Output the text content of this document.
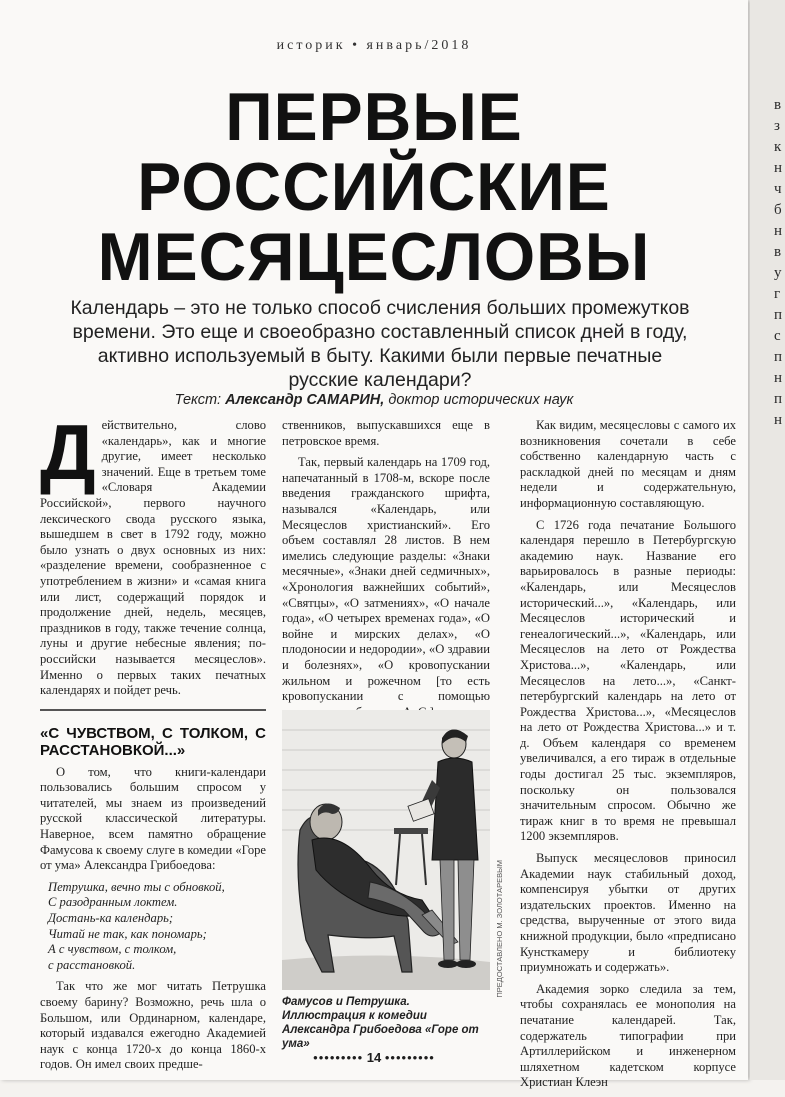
историк • январь/2018
ПЕРВЫЕ
РОССИЙСКИЕ
МЕСЯЦЕСЛОВЫ
Календарь – это не только способ счисления больших промежутков времени. Это еще и своеобразно составленный список дней в году, активно используемый в быту. Какими были первые печатные русские календари?
Текст: Александр САМАРИН, доктор исторических наук

Действительно, слово «календарь», как и многие другие, имеет несколько значений. Еще в третьем томе «Словаря Академии Российской», первого научного лексического свода русского языка, вышедшем в свет в 1792 году, можно было узнать о двух основных из них: «разделение времени, сообразненное с употреблением в жизни» и «самая книга или лист, содержащий порядок и продолжение дней, недель, месяцев, праздников в году, также течение солнца, луны и другие небесные явления; по-российски называется месяцеслов». Именно о первых таких печатных календарях и пойдет речь.

«С ЧУВСТВОМ, С ТОЛКОМ, С РАССТАНОВКОЙ...»

О том, что книги-календари пользовались большим спросом у читателей, мы знаем из произведений русской классической литературы. Наверное, всем памятно обращение Фамусова к своему слуге в комедии «Горе от ума» Александра Грибоедова:

Петрушка, вечно ты с обновкой,

С разодранным локтем.

Достань-ка календарь;

Читай не так, как пономарь;

А с чувством, с толком,

с расстановкой.

Так что же мог читать Петрушка своему барину? Возможно, речь шла о Большом, или Ординарном, календаре, который издавался ежегодно Академией наук с конца 1720-х до конца 1860-х годов. Он имел своих предше-

ственников, выпускавшихся еще в петровское время.

Так, первый календарь на 1709 год, напечатанный в 1708-м, вскоре после введения гражданского шрифта, назывался «Календарь, или Месяцеслов христианский». Его объем составлял 28 листов. В нем имелись следующие разделы: «Знаки месячные», «Знаки дней седмичных», «Хронология важнейших событий», «Святцы», «О затмениях», «О начале года», «О четырех временах года», «О войне и мирских делах», «О плодоносии и недородии», «О здравии и болезнях», «О кровопускании жильном и рожечном [то есть кровопускании с помощью

ПРЕДОСТАВЛЕНО М. ЗОЛОТАРЕВЫМ
Фамусов и Петрушка. Иллюстрация к комедии Александра Грибоедова «Горе от ума»

Как видим, месяцесловы с самого их возникновения сочетали в себе собственно календарную часть с раскладкой дней по месяцам и дням недели и содержательную, информационную составляющую.

С 1726 года печатание Большого календаря перешло в Петербургскую академию наук. Название его варьировалось в разные периоды: «Календарь, или Месяцеслов исторический...», «Календарь, или Месяцеслов исторический и генеалогический...», «Календарь, или Месяцеслов на лето от Рождества Христова...», «Календарь, или Месяцеслов на лето...», «Санкт-петербургский календарь на лето от Рождества Христова...», «Месяцеслов на лето от Рождества Христова...» и т. д. Объем календаря со временем увеличивался, а его тираж в отдельные годы достигал 25 тыс. экземпляров, поскольку он пользовался значительным спросом. Обычно же тираж книг в то время не превышал 1200 экземпляров.

Выпуск месяцесловов приносил Академии наук стабильный доход, компенсируя убытки от других издательских проектов. Именно на средства, вырученные от этого вида книжной продукции, было «предписано Кунсткамеру и библиотеку приумножать и содержать».

Академия зорко следила за тем, чтобы сохранялась ее монополия на печатание календарей. Так, содержатель типографии при Артиллерийском и инженерном шляхетном кадетском корпусе Христиан Клеэн

••••••••• 14 •••••••••
в
з
к
н
ч
б
н
в
у
г
п
с
п
н
п
н
